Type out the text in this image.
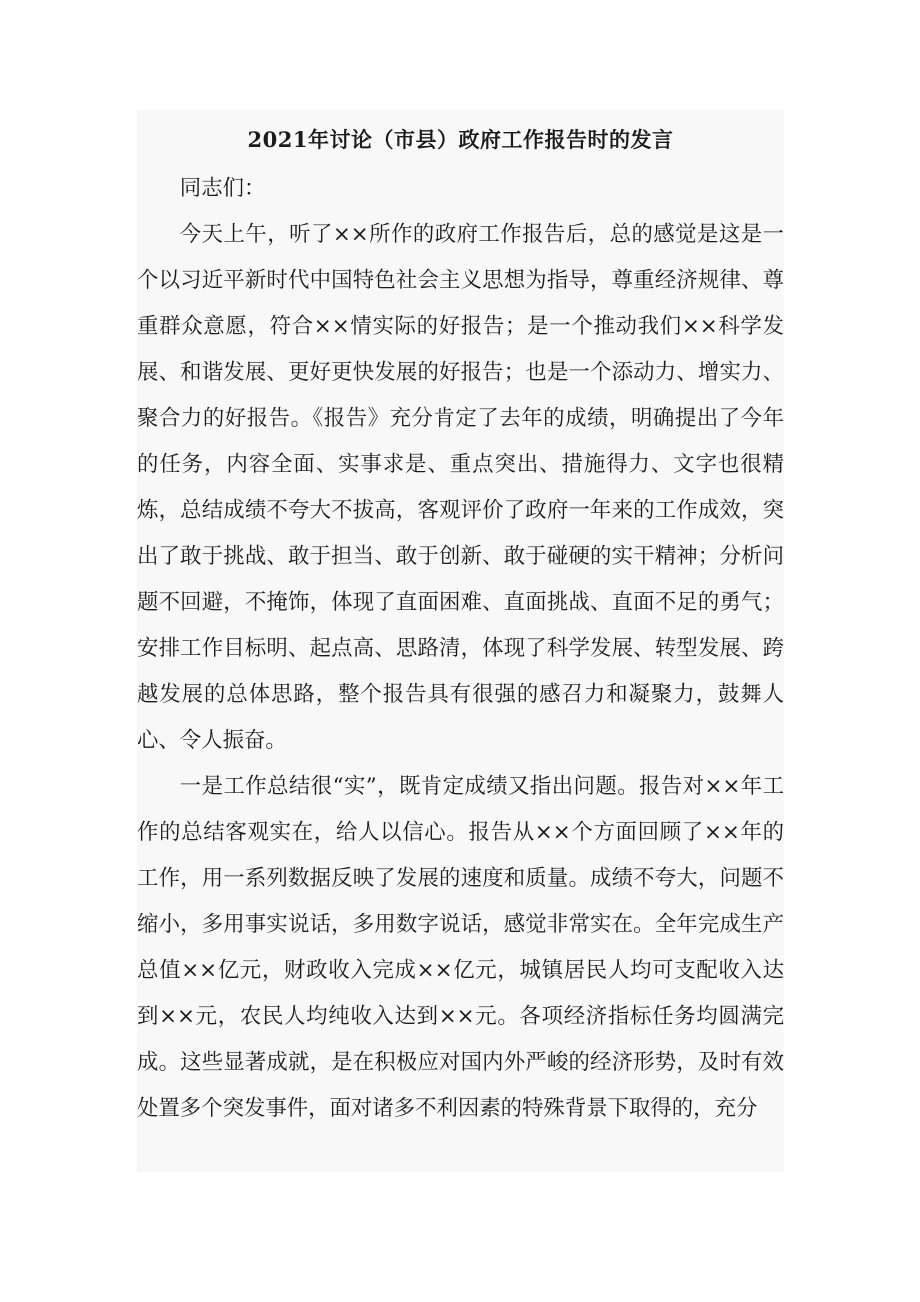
2021年讨论（市县）政府工作报告时的发言

同志们：

今天上午，听了××所作的政府工作报告后，总的感觉是这是一个以习近平新时代中国特色社会主义思想为指导，尊重经济规律、尊重群众意愿，符合××情实际的好报告；是一个推动我们××科学发展、和谐发展、更好更快发展的好报告；也是一个添动力、增实力、聚合力的好报告。《报告》充分肯定了去年的成绩，明确提出了今年的任务，内容全面、实事求是、重点突出、措施得力、文字也很精炼，总结成绩不夸大不拔高，客观评价了政府一年来的工作成效，突出了敢于挑战、敢于担当、敢于创新、敢于碰硬的实干精神；分析问题不回避，不掩饰，体现了直面困难、直面挑战、直面不足的勇气；安排工作目标明、起点高、思路清，体现了科学发展、转型发展、跨越发展的总体思路，整个报告具有很强的感召力和凝聚力，鼓舞人心、令人振奋。

一是工作总结很“实”，既肯定成绩又指出问题。报告对××年工作的总结客观实在，给人以信心。报告从××个方面回顾了××年的工作，用一系列数据反映了发展的速度和质量。成绩不夸大，问题不缩小，多用事实说话，多用数字说话，感觉非常实在。全年完成生产总值××亿元，财政收入完成××亿元，城镇居民人均可支配收入达到××元，农民人均纯收入达到××元。各项经济指标任务均圆满完成。这些显著成就，是在积极应对国内外严峻的经济形势，及时有效处置多个突发事件，面对诸多不利因素的特殊背景下取得的，充分
